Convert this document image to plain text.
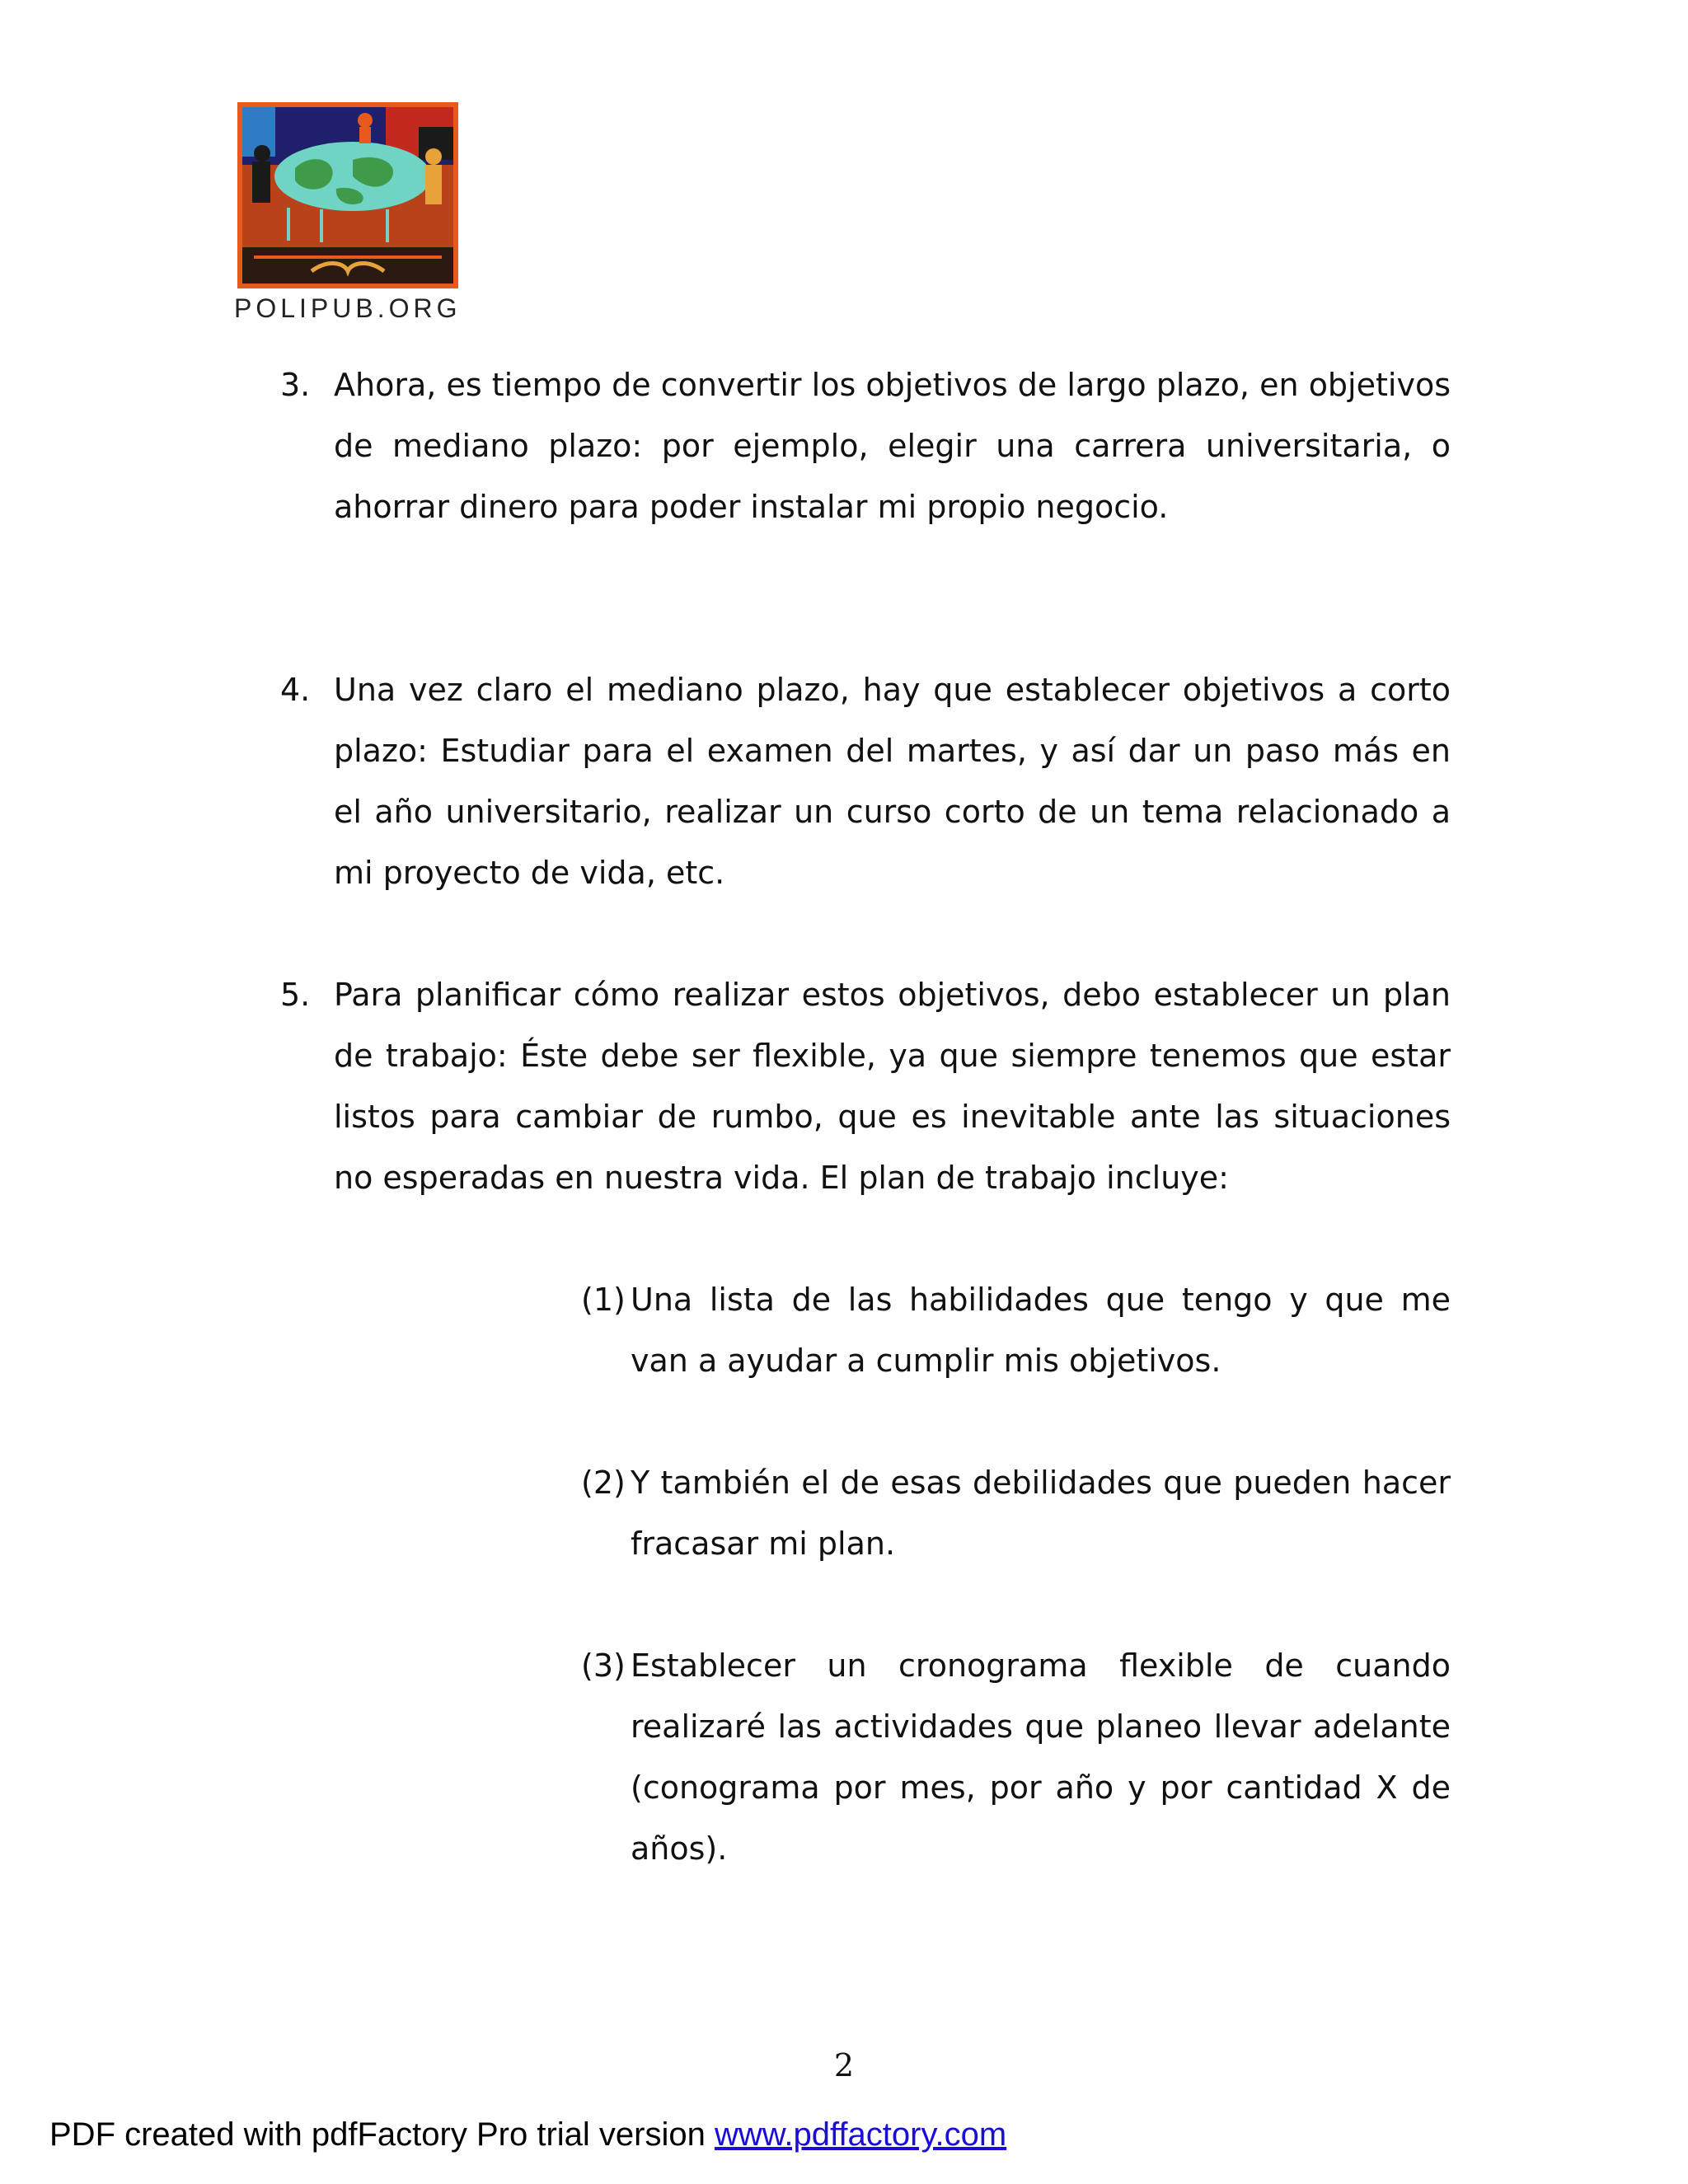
POLIPUB.ORG
3. Ahora, es tiempo de convertir los objetivos de largo plazo, en objetivos de mediano plazo: por ejemplo, elegir una carrera universitaria, o ahorrar dinero para poder instalar mi propio negocio.
4. Una vez claro el mediano plazo, hay que establecer objetivos a corto plazo: Estudiar para el examen del martes, y así dar un paso más en el año universitario, realizar un curso corto de un tema relacionado a mi proyecto de vida, etc.
5. Para planificar cómo realizar estos objetivos, debo establecer un plan de trabajo: Éste debe ser flexible, ya que siempre tenemos que estar listos para cambiar de rumbo, que es inevitable ante las situaciones no esperadas en nuestra vida. El plan de trabajo incluye:
(1) Una lista de las habilidades que tengo y que me van a ayudar a cumplir mis objetivos.
(2) Y también el de esas debilidades que pueden hacer fracasar mi plan.
(3) Establecer un cronograma flexible de cuando realizaré las actividades que planeo llevar adelante (conograma por mes, por año y por cantidad X de años).
2
PDF created with pdfFactory Pro trial version www.pdffactory.com
